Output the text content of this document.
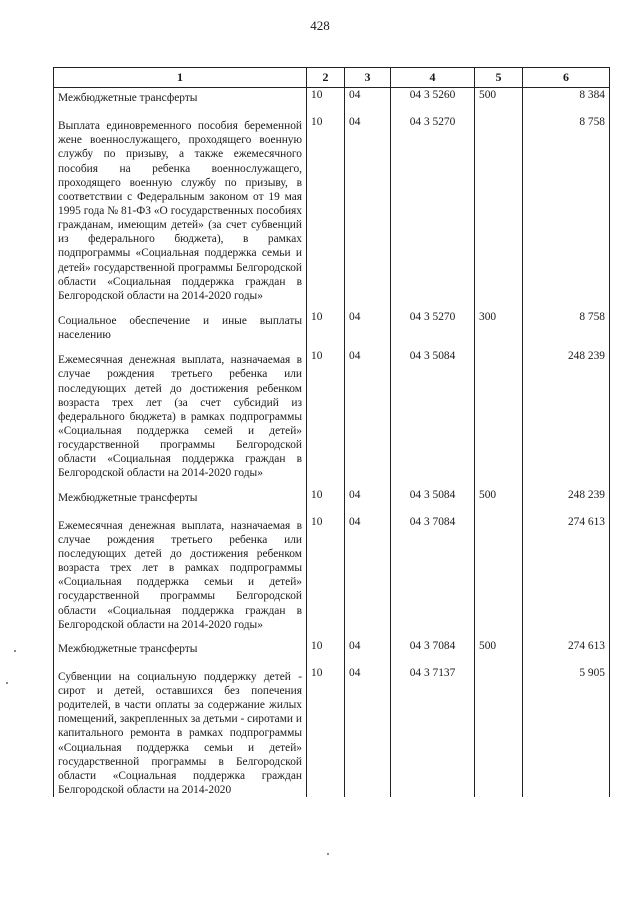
428
1	2	3	4	5	6

Межбюджетные трансферты	10	04	04 3 5260	500	8 384

Выплата единовременного пособия беременной жене военнослужащего, проходящего военную службу по призыву, а также ежемесячного пособия на ребенка военнослужащего, проходящего военную службу по призыву, в соответствии с Федеральным законом от 19 мая 1995 года № 81-ФЗ «О государственных пособиях гражданам, имеющим детей» (за счет субвенций из федерального бюджета), в рамках подпрограммы «Социальная поддержка семьи и детей» государственной программы Белгородской области «Социальная поддержка граждан в Белгородской области на 2014-2020 годы»	10	04	04 3 5270		8 758

Социальное обеспечение и иные выплаты населению	10	04	04 3 5270	300	8 758

Ежемесячная денежная выплата, назначаемая в случае рождения третьего ребенка или последующих детей до достижения ребенком возраста трех лет (за счет субсидий из федерального бюджета) в рамках подпрограммы «Социальная поддержка семей и детей» государственной программы Белгородской области «Социальная поддержка граждан в Белгородской области на 2014-2020 годы»	10	04	04 3 5084		248 239

Межбюджетные трансферты	10	04	04 3 5084	500	248 239

Ежемесячная денежная выплата, назначаемая в случае рождения третьего ребенка или последующих детей до достижения ребенком возраста трех лет в рамках подпрограммы «Социальная поддержка семьи и детей» государственной программы Белгородской области «Социальная поддержка граждан в Белгородской области на 2014-2020 годы»	10	04	04 3 7084		274 613

Межбюджетные трансферты	10	04	04 3 7084	500	274 613

Субвенции на социальную поддержку детей - сирот и детей, оставшихся без попечения родителей, в части оплаты за содержание жилых помещений, закрепленных за детьми - сиротами и капитального ремонта в рамках подпрограммы «Социальная поддержка семьи и детей» государственной программы в Белгородской области «Социальная поддержка граждан Белгородской области на 2014-2020	10	04	04 3 7137		5 905
